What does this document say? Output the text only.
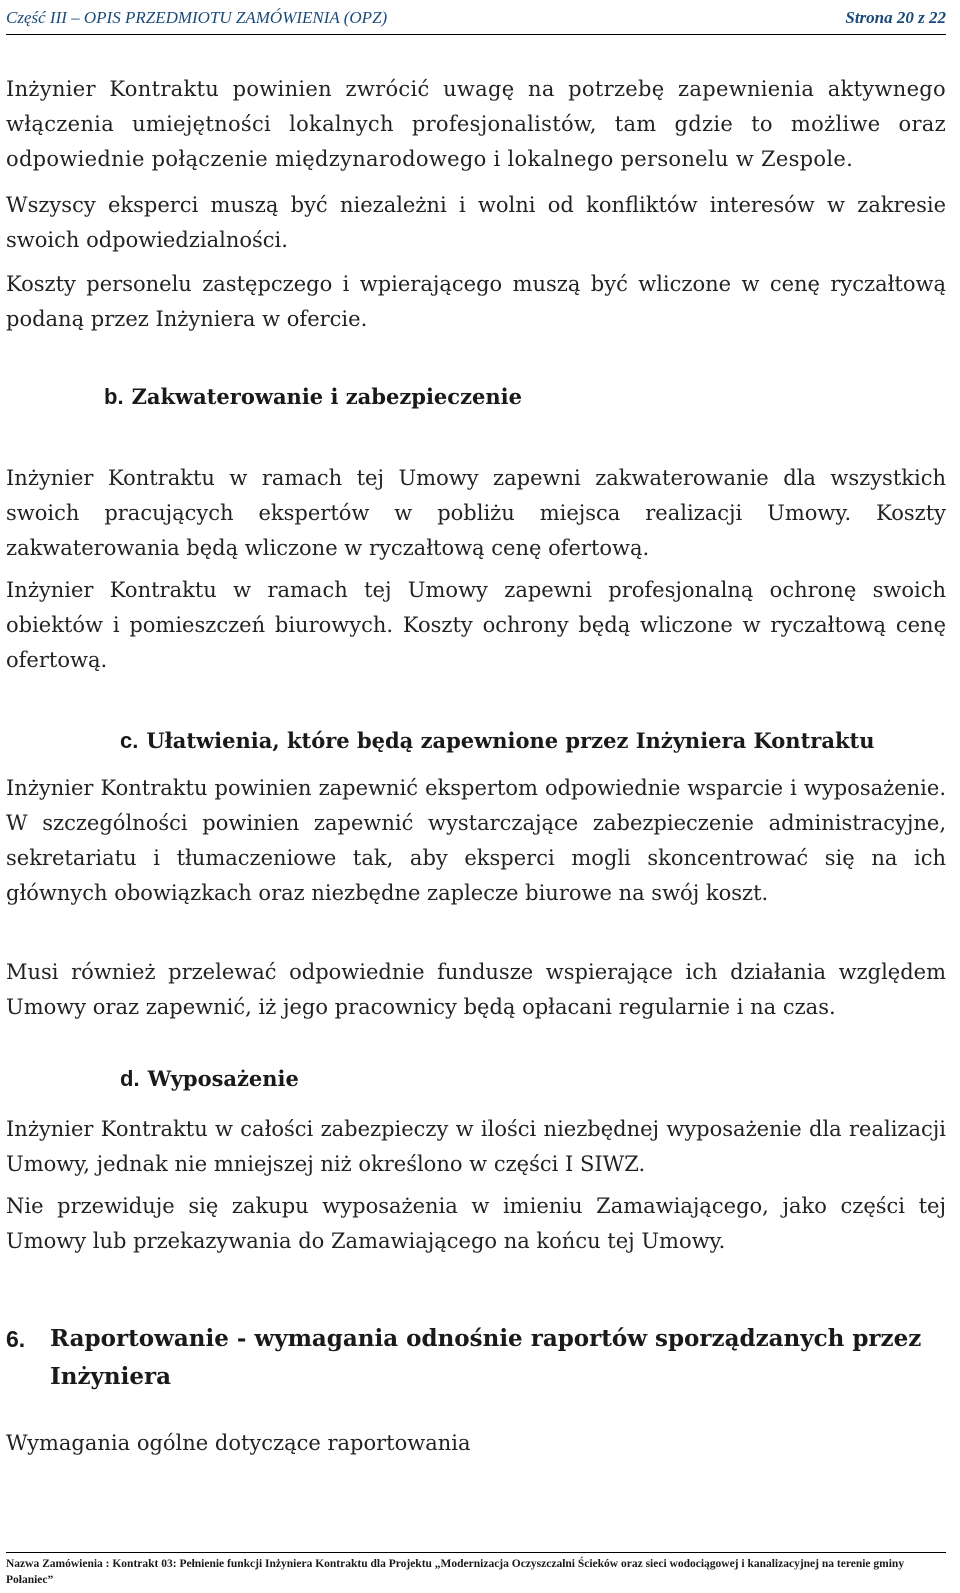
Część III – OPIS PRZEDMIOTU ZAMÓWIENIA (OPZ)	Strona 20 z 22

Inżynier Kontraktu powinien zwrócić uwagę na potrzebę zapewnienia aktywnego włączenia umiejętności lokalnych profesjonalistów, tam gdzie to możliwe oraz odpowiednie połączenie międzynarodowego i lokalnego personelu w Zespole.

Wszyscy eksperci muszą być niezależni i wolni od konfliktów interesów w zakresie swoich odpowiedzialności.

Koszty personelu zastępczego i wpierającego muszą być wliczone w cenę ryczałtową podaną przez Inżyniera w ofercie.

b. Zakwaterowanie i zabezpieczenie

Inżynier Kontraktu w ramach tej Umowy zapewni zakwaterowanie dla wszystkich swoich pracujących ekspertów w pobliżu miejsca realizacji Umowy. Koszty zakwaterowania będą wliczone w ryczałtową cenę ofertową.

Inżynier Kontraktu w ramach tej Umowy zapewni profesjonalną ochronę swoich obiektów i pomieszczeń biurowych. Koszty ochrony będą wliczone w ryczałtową cenę ofertową.

c. Ułatwienia, które będą zapewnione przez Inżyniera Kontraktu

Inżynier Kontraktu powinien zapewnić ekspertom odpowiednie wsparcie i wyposażenie. W szczególności powinien zapewnić wystarczające zabezpieczenie administracyjne, sekretariatu i tłumaczeniowe tak, aby eksperci mogli skoncentrować się na ich głównych obowiązkach oraz niezbędne zaplecze biurowe na swój koszt.

Musi również przelewać odpowiednie fundusze wspierające ich działania względem Umowy oraz zapewnić, iż jego pracownicy będą opłacani regularnie i na czas.

d. Wyposażenie

Inżynier Kontraktu w całości zabezpieczy w ilości niezbędnej wyposażenie dla realizacji Umowy, jednak nie mniejszej niż określono w części I SIWZ.

Nie przewiduje się zakupu wyposażenia w imieniu Zamawiającego, jako części tej Umowy lub przekazywania do Zamawiającego na końcu tej Umowy.

6. Raportowanie - wymagania odnośnie raportów sporządzanych przez Inżyniera

Wymagania ogólne dotyczące raportowania

Nazwa Zamówienia : Kontrakt 03: Pełnienie funkcji Inżyniera Kontraktu dla Projektu „Modernizacja Oczyszczalni Ścieków oraz sieci wodociągowej i kanalizacyjnej na terenie gminy Połaniec”
